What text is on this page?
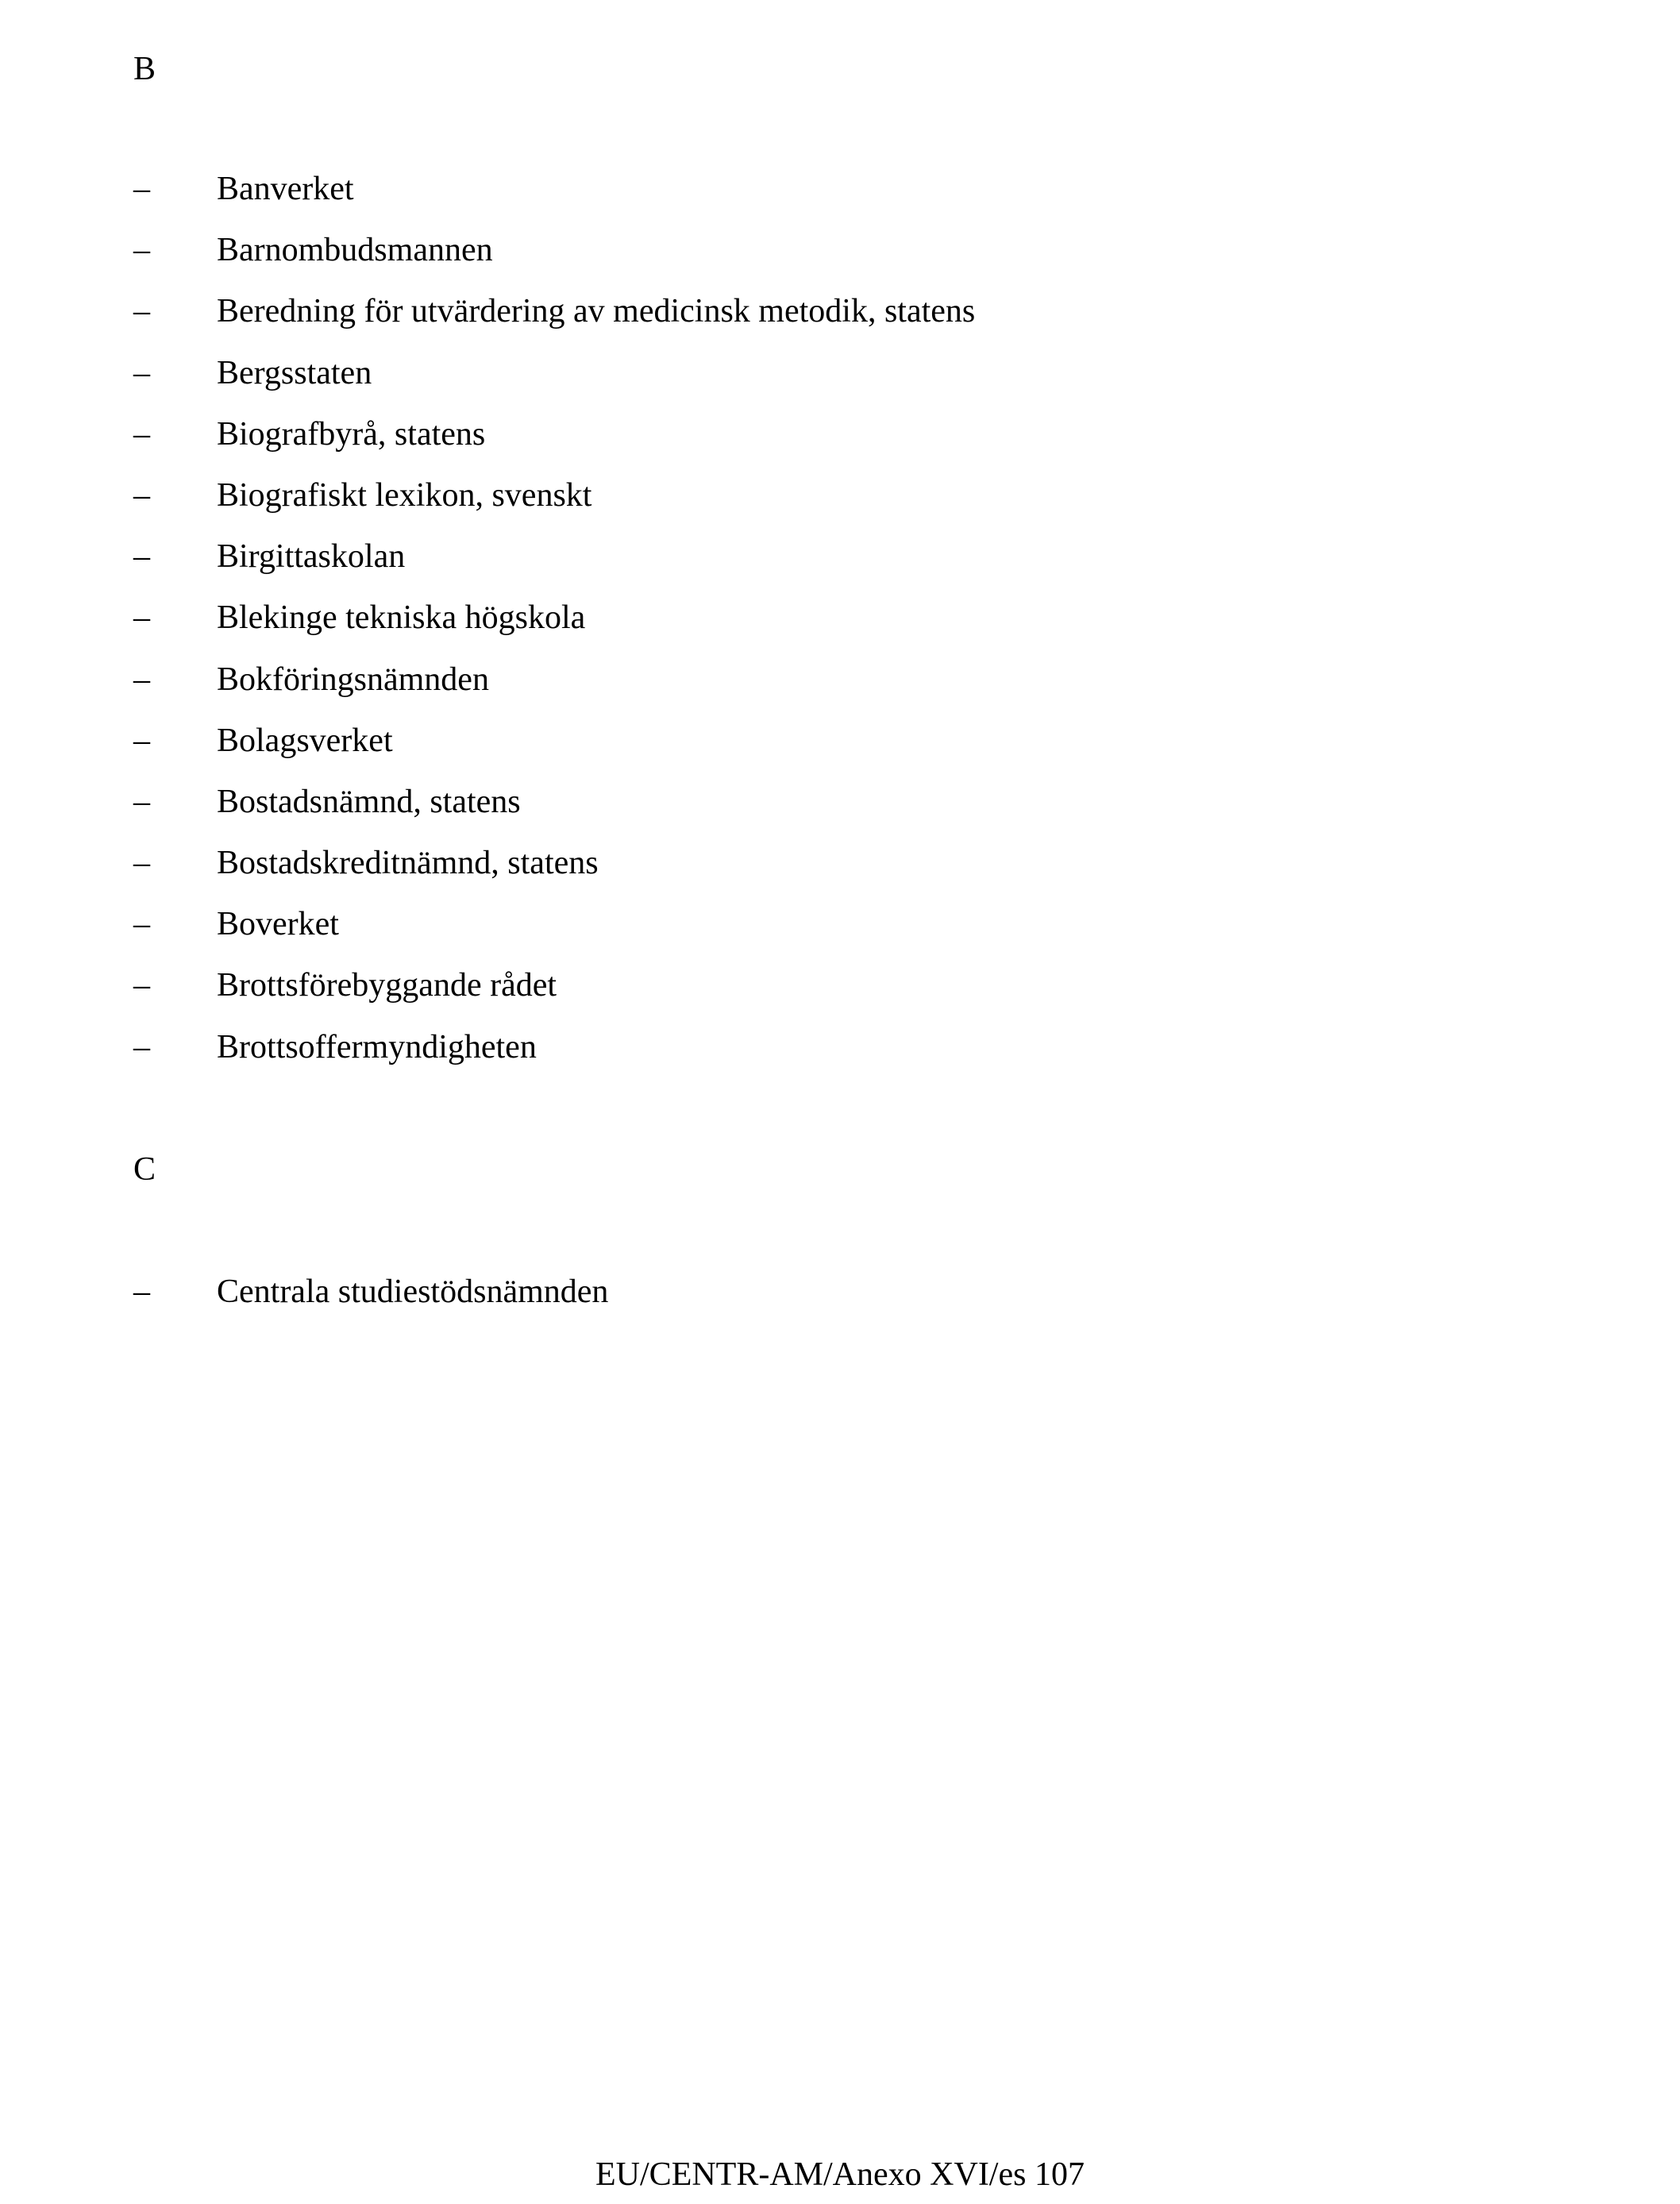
B
–	Banverket
–	Barnombudsmannen
–	Beredning för utvärdering av medicinsk metodik, statens
–	Bergsstaten
–	Biografbyrå, statens
–	Biografiskt lexikon, svenskt
–	Birgittaskolan
–	Blekinge tekniska högskola
–	Bokföringsnämnden
–	Bolagsverket
–	Bostadsnämnd, statens
–	Bostadskreditnämnd, statens
–	Boverket
–	Brottsförebyggande rådet
–	Brottsoffermyndigheten
C
–	Centrala studiestödsnämnden
EU/CENTR-AM/Anexo XVI/es 107
